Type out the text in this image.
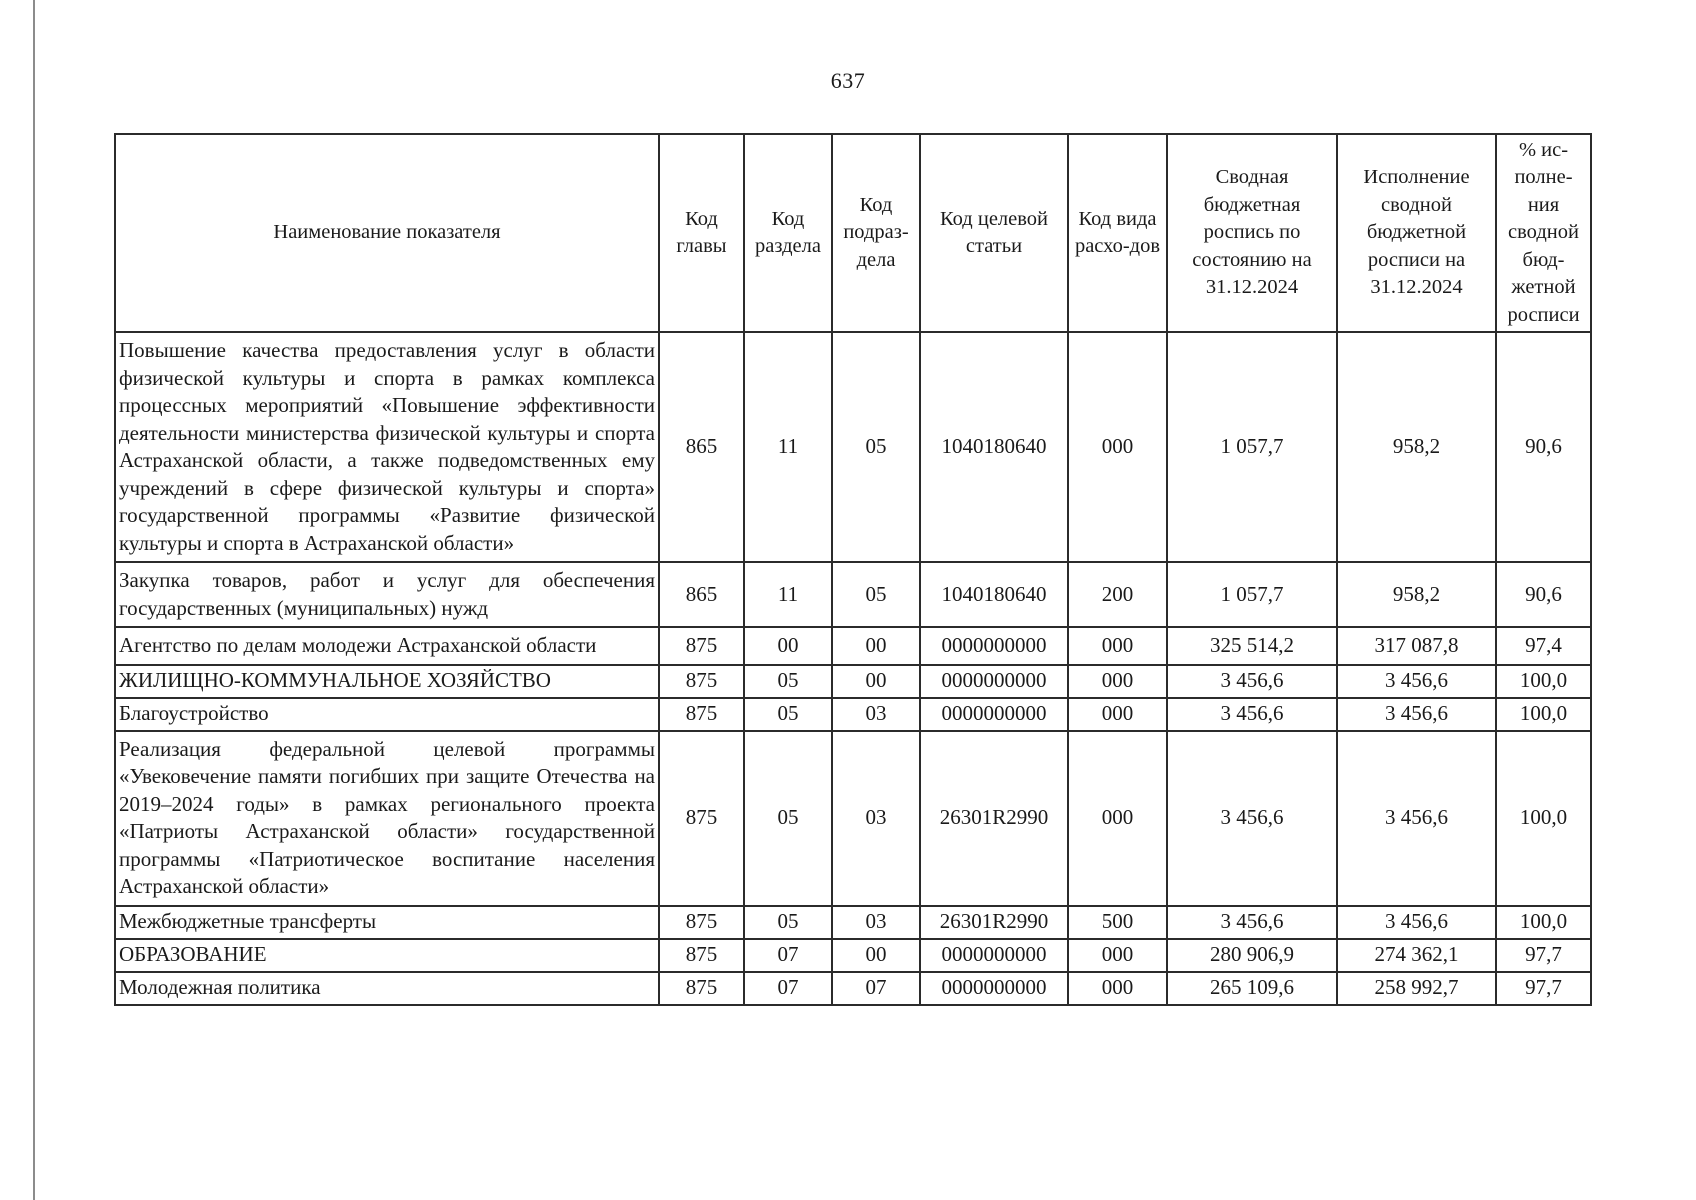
637
Наименование показателя	Код главы	Код раздела	Код подраз-дела	Код целевой статьи	Код вида расхо-дов	Сводная бюджетная роспись по состоянию на 31.12.2024	Исполнение сводной бюджетной росписи на 31.12.2024	% ис-полне-ния сводной бюд-жетной росписи
Повышение качества предоставления услуг в области физической культуры и спорта в рамках комплекса процессных мероприятий «Повышение эффективности деятельности министерства физической культуры и спорта Астраханской области, а также подведомственных ему учреждений в сфере физической культуры и спорта» государственной программы «Развитие физической культуры и спорта в Астраханской области»	865	11	05	1040180640	000	1 057,7	958,2	90,6
Закупка товаров, работ и услуг для обеспечения государственных (муниципальных) нужд	865	11	05	1040180640	200	1 057,7	958,2	90,6
Агентство по делам молодежи Астраханской области	875	00	00	0000000000	000	325 514,2	317 087,8	97,4
ЖИЛИЩНО-КОММУНАЛЬНОЕ ХОЗЯЙСТВО	875	05	00	0000000000	000	3 456,6	3 456,6	100,0
Благоустройство	875	05	03	0000000000	000	3 456,6	3 456,6	100,0
Реализация федеральной целевой программы «Увековечение памяти погибших при защите Отечества на 2019–2024 годы» в рамках регионального проекта «Патриоты Астраханской области» государственной программы «Патриотическое воспитание населения Астраханской области»	875	05	03	26301R2990	000	3 456,6	3 456,6	100,0
Межбюджетные трансферты	875	05	03	26301R2990	500	3 456,6	3 456,6	100,0
ОБРАЗОВАНИЕ	875	07	00	0000000000	000	280 906,9	274 362,1	97,7
Молодежная политика	875	07	07	0000000000	000	265 109,6	258 992,7	97,7
